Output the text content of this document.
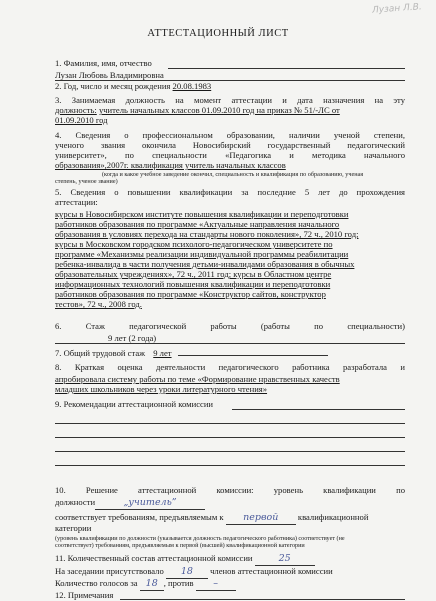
Лузан Л.В.
АТТЕСТАЦИОННЫЙ ЛИСТ
1. Фамилия, имя, отчество
Лузан Любовь Владимировна
2. Год, число и месяц рождения 20.08.1983
3. Занимаемая должность на момент аттестации и дата назначения на эту
должность: учитель начальных классов 01.09.2010 год на приказ № 51/-ЛС от
01.09.2010 год
4. Сведения о профессиональном образовании, наличии ученой степени,
ученого звания окончила Новосибирский государственный педагогический
университет», по специальности «Педагогика и методика начального
образования»,2007г. квалификация учитель начальных классов
(когда и какое учебное заведение окончил, специальность и квалификация по образованию, ученая
степень, ученое звание)
5. Сведения о повышении квалификации за последние 5 лет до прохождения
аттестации:
курсы в Новосибирском институте повышения квалификации и переподготовки
работников образования по программе «Актуальные направления начального
образования в условиях перехода на стандарты нового поколения», 72 ч., 2010 год;
курсы в Московском городском психолого-педагогическом университете по
программе «Механизмы реализации индивидуальной программы реабилитации
ребенка-инвалида в части получения детьми-инвалидами образования в обычных
образовательных учреждениях», 72 ч., 2011 год; курсы в Областном центре
информационных технологий повышения квалификации и переподготовки
работников образования по программе «Конструктор сайтов, конструктор
тестов», 72 ч., 2008 год.
6. Стаж педагогической работы (работы по специальности)
9 лет (2 года)
7. Общий трудовой стаж 9 лет
8. Краткая оценка деятельности педагогического работника разработала и
апробировала систему работы по теме «Формирование нравственных качеств
младших школьников через уроки литературного чтения»
9. Рекомендации аттестационной комиссии
10. Решение аттестационной комиссии: уровень квалификации по
должности	„учитель”
соответствует требованиям, предъявляемым к первой квалификационной
категории
(уровень квалификации по должности (указывается должность педагогического работника) соответствует (не
соответствует) требованиям, предъявляемым к первой (высшей) квалификационной категории
11. Количественный состав аттестационной комиссии	25
На заседании присутствовало 18 членов аттестационной комиссии
Количество голосов за 18 , против –
12. Примечания
